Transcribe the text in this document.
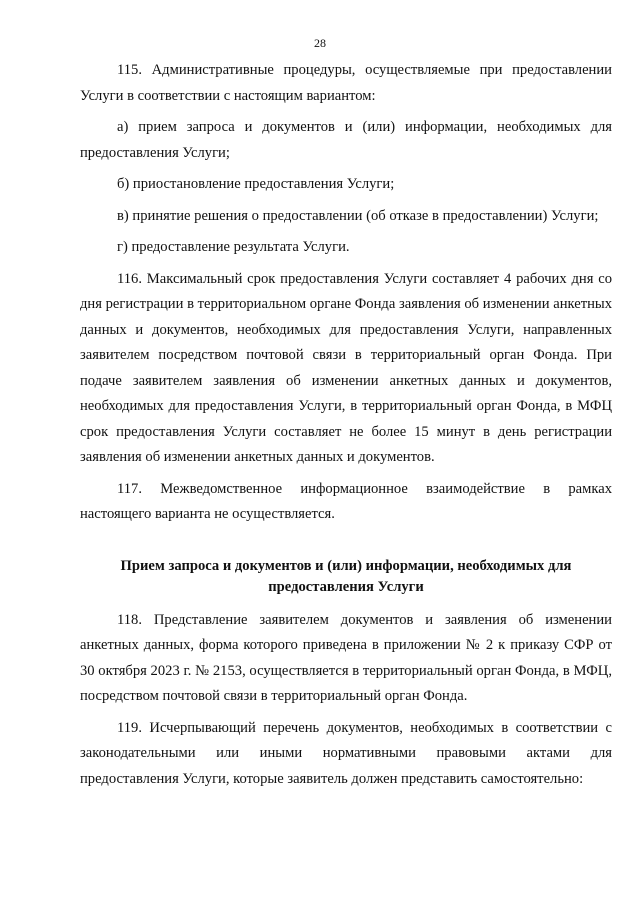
28

115. Административные процедуры, осуществляемые при предоставлении Услуги в соответствии с настоящим вариантом:

а) прием запроса и документов и (или) информации, необходимых для предоставления Услуги;

б) приостановление предоставления Услуги;

в) принятие решения о предоставлении (об отказе в предоставлении) Услуги;

г) предоставление результата Услуги.

116. Максимальный срок предоставления Услуги составляет 4 рабочих дня со дня регистрации в территориальном органе Фонда заявления об изменении анкетных данных и документов, необходимых для предоставления Услуги, направленных заявителем посредством почтовой связи в территориальный орган Фонда. При подаче заявителем заявления об изменении анкетных данных и документов, необходимых для предоставления Услуги, в территориальный орган Фонда, в МФЦ срок предоставления Услуги составляет не более 15 минут в день регистрации заявления об изменении анкетных данных и документов.

117. Межведомственное информационное взаимодействие в рамках настоящего варианта не осуществляется.

Прием запроса и документов и (или) информации, необходимых для предоставления Услуги

118. Представление заявителем документов и заявления об изменении анкетных данных, форма которого приведена в приложении № 2 к приказу СФР от 30 октября 2023 г. № 2153, осуществляется в территориальный орган Фонда, в МФЦ, посредством почтовой связи в территориальный орган Фонда.

119. Исчерпывающий перечень документов, необходимых в соответствии с законодательными или иными нормативными правовыми актами для предоставления Услуги, которые заявитель должен представить самостоятельно:
